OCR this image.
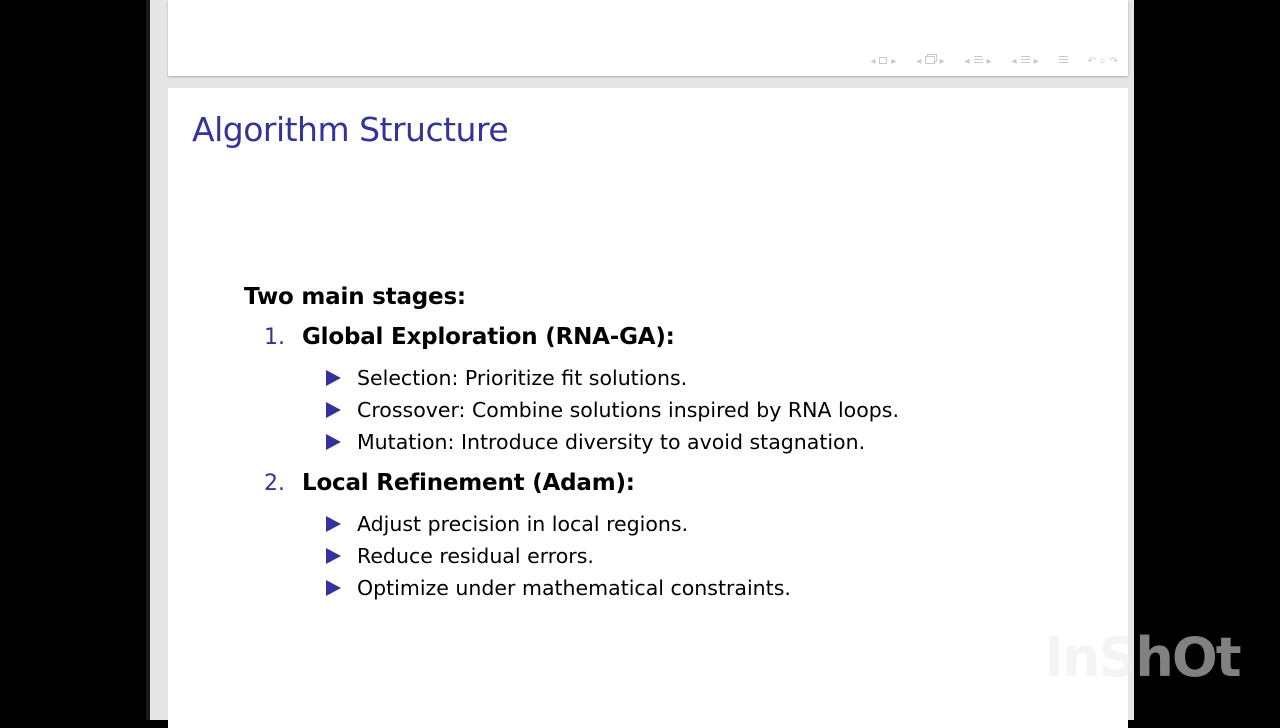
◂ ▸ ◂ ▸ ◂ ▸ ◂ ▸	↶ ⌕ ↷
Algorithm Structure

Two main stages:

1. Global Exploration (RNA-GA):
Selection: Prioritize fit solutions.
Crossover: Combine solutions inspired by RNA loops.
Mutation: Introduce diversity to avoid stagnation.
2. Local Refinement (Adam):
Adjust precision in local regions.
Reduce residual errors.
Optimize under mathematical constraints.
InShOt
